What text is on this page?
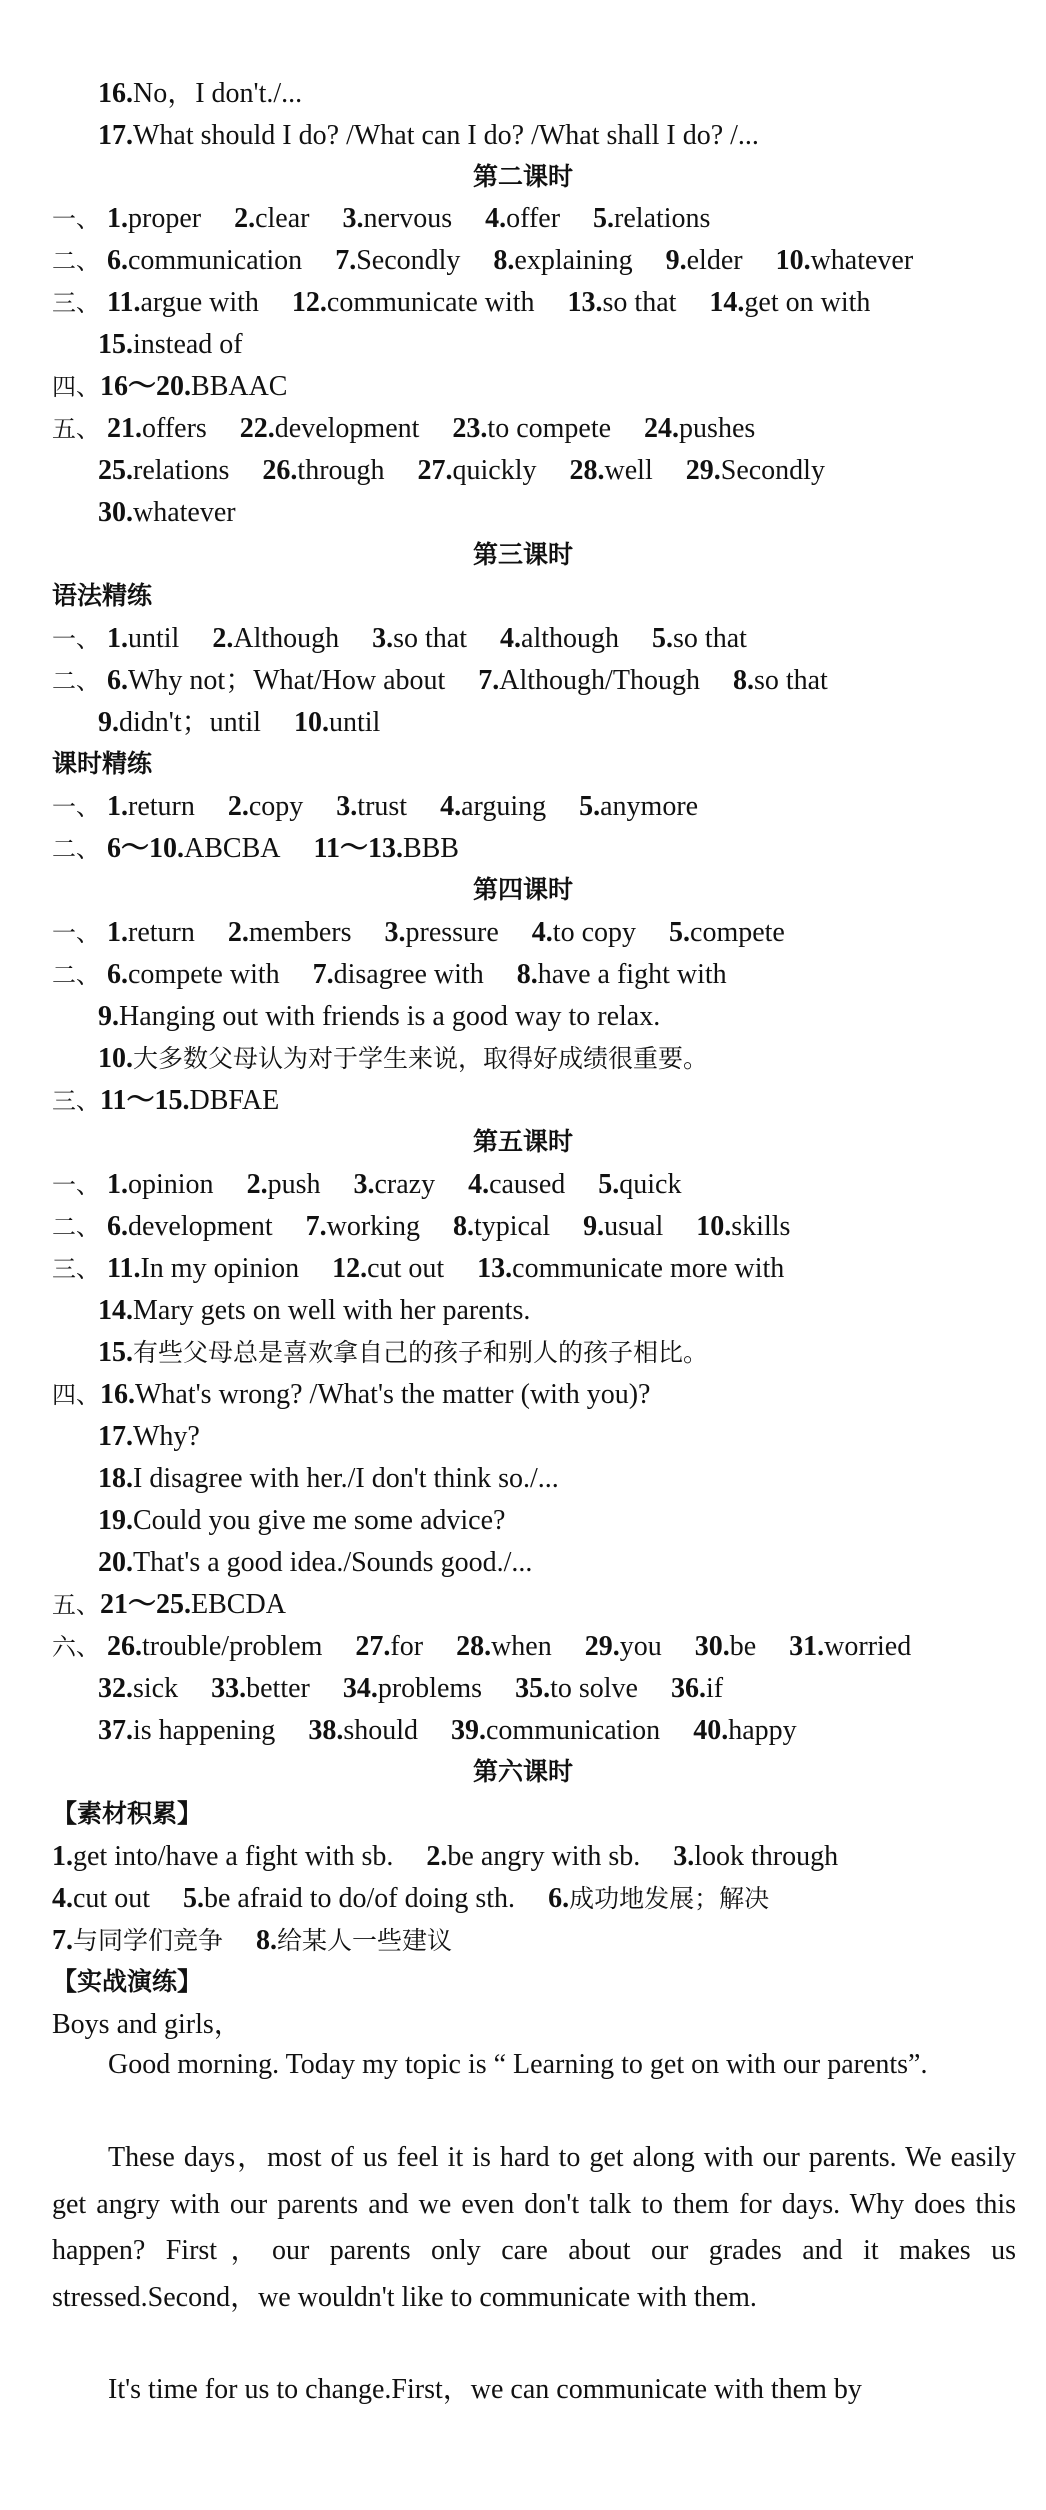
16.No，I don't./...
17.What should I do? /What can I do? /What shall I do? /...
第二课时
一、 1.proper 2.clear 3.nervous 4.offer 5.relations
二、 6.communication 7.Secondly 8.explaining 9.elder 10.whatever
三、 11.argue with 12.communicate with 13.so that 14.get on with
15.instead of
四、16～20.BBAAC
五、 21.offers 22.development 23.to compete 24.pushes
25.relations 26.through 27.quickly 28.well 29.Secondly
30.whatever
第三课时
语法精练
一、 1.until 2.Although 3.so that 4.although 5.so that
二、 6.Why not；What/How about 7.Although/Though 8.so that
9.didn't；until 10.until
课时精练
一、 1.return 2.copy 3.trust 4.arguing 5.anymore
二、 6～10.ABCBA 11～13.BBB
第四课时
一、 1.return 2.members 3.pressure 4.to copy 5.compete
二、 6.compete with 7.disagree with 8.have a fight with
9.Hanging out with friends is a good way to relax.
10.大多数父母认为对于学生来说，取得好成绩很重要。
三、11～15.DBFAE
第五课时
一、 1.opinion 2.push 3.crazy 4.caused 5.quick
二、 6.development 7.working 8.typical 9.usual 10.skills
三、 11.In my opinion 12.cut out 13.communicate more with
14.Mary gets on well with her parents.
15.有些父母总是喜欢拿自己的孩子和别人的孩子相比。
四、16.What's wrong? /What's the matter (with you)?
17.Why?
18.I disagree with her./I don't think so./...
19.Could you give me some advice?
20.That's a good idea./Sounds good./...
五、21～25.EBCDA
六、 26.trouble/problem 27.for 28.when 29.you 30.be 31.worried
32.sick 33.better 34.problems 35.to solve 36.if
37.is happening 38.should 39.communication 40.happy
第六课时
【素材积累】
1.get into/have a fight with sb. 2.be angry with sb. 3.look through
4.cut out 5.be afraid to do/of doing sth. 6.成功地发展；解决
7.与同学们竞争 8.给某人一些建议
【实战演练】
Boys and girls，
Good morning. Today my topic is “ Learning to get on with our parents”.
These days，most of us feel it is hard to get along with our parents. We easily get angry with our parents and we even don't talk to them for days. Why does this happen? First，our parents only care about our grades and it makes us stressed.Second，we wouldn't like to communicate with them.
It's time for us to change.First，we can communicate with them by
